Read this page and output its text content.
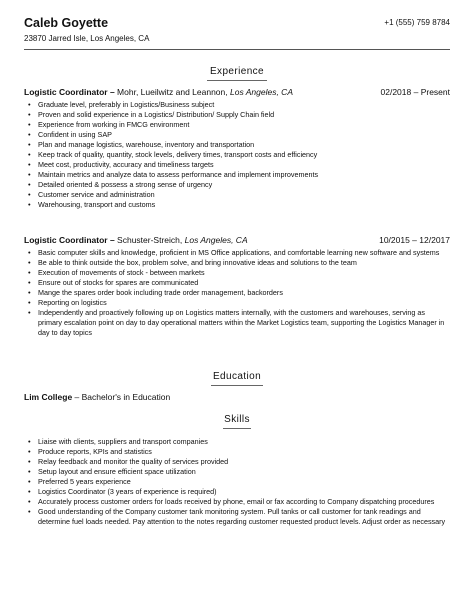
Caleb Goyette	+1 (555) 759 8784
23870 Jarred Isle, Los Angeles, CA
Experience
Logistic Coordinator – Mohr, Lueilwitz and Leannon, Los Angeles, CA	02/2018 – Present
• Graduate level, preferably in Logistics/Business subject
• Proven and solid experience in a Logistics/ Distribution/ Supply Chain field
• Experience from working in FMCG environment
• Confident in using SAP
• Plan and manage logistics, warehouse, inventory and transportation
• Keep track of quality, quantity, stock levels, delivery times, transport costs and efficiency
• Meet cost, productivity, accuracy and timeliness targets
• Maintain metrics and analyze data to assess performance and implement improvements
• Detailed oriented & possess a strong sense of urgency
• Customer service and administration
• Warehousing, transport and customs
Logistic Coordinator – Schuster-Streich, Los Angeles, CA	10/2015 – 12/2017
• Basic computer skills and knowledge, proficient in MS Office applications, and comfortable learning new software and systems
• Be able to think outside the box, problem solve, and bring innovative ideas and solutions to the team
• Execution of movements of stock - between markets
• Ensure out of stocks for spares are communicated
• Mange the spares order book including trade order management, backorders
• Reporting on logistics
• Independently and proactively following up on Logistics matters internally, with the customers and warehouses, serving as primary escalation point on day to day operational matters within the Market Logistics team, supporting the Logistics Manager in day to day topics
Education
Lim College – Bachelor's in Education
Skills
• Liaise with clients, suppliers and transport companies
• Produce reports, KPIs and statistics
• Relay feedback and monitor the quality of services provided
• Setup layout and ensure efficient space utilization
• Preferred 5 years experience
• Logistics Coordinator (3 years of experience is required)
• Accurately process customer orders for loads received by phone, email or fax according to Company dispatching procedures
• Good understanding of the Company customer tank monitoring system. Pull tanks or call customer for tank readings and determine fuel loads needed. Pay attention to the notes regarding customer requested product levels. Adjust order as necessary
